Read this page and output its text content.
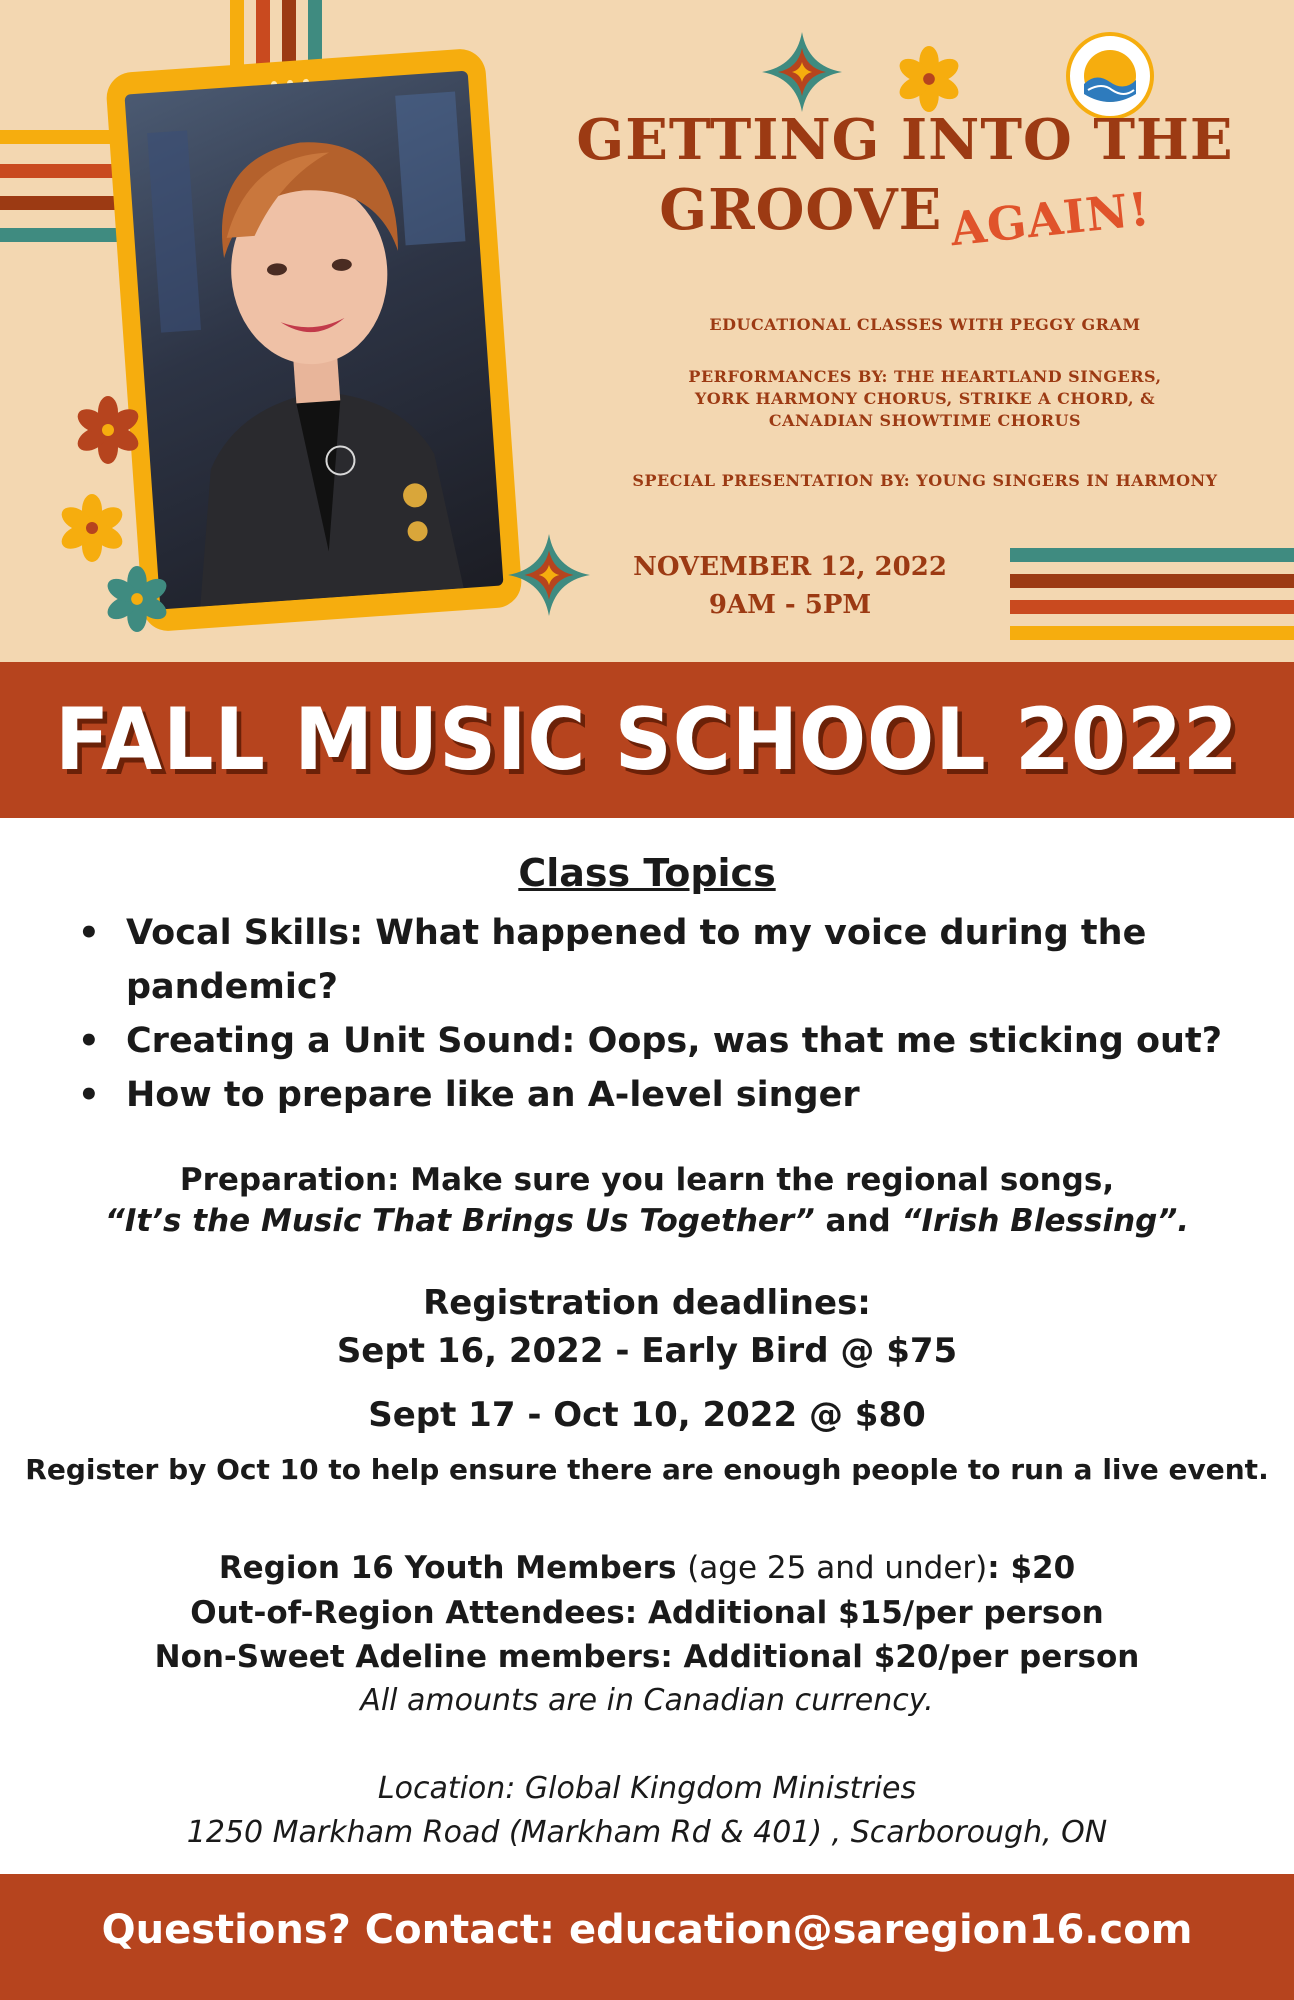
GETTING INTO THE
GROOVE AGAIN!
EDUCATIONAL CLASSES WITH PEGGY GRAM
PERFORMANCES BY: THE HEARTLAND SINGERS,
YORK HARMONY CHORUS, STRIKE A CHORD, &
CANADIAN SHOWTIME CHORUS
SPECIAL PRESENTATION BY: YOUNG SINGERS IN HARMONY
NOVEMBER 12, 2022
9AM - 5PM
FALL MUSIC SCHOOL 2022
Class Topics
• Vocal Skills: What happened to my voice during the pandemic?
• Creating a Unit Sound: Oops, was that me sticking out?
• How to prepare like an A-level singer
Preparation: Make sure you learn the regional songs,
“It’s the Music That Brings Us Together” and “Irish Blessing”.
Registration deadlines:
Sept 16, 2022 - Early Bird @ $75
Sept 17 - Oct 10, 2022 @ $80
Register by Oct 10 to help ensure there are enough people to run a live event.
Region 16 Youth Members (age 25 and under): $20
Out-of-Region Attendees: Additional $15/per person
Non-Sweet Adeline members: Additional $20/per person
All amounts are in Canadian currency.
Location: Global Kingdom Ministries
1250 Markham Road (Markham Rd & 401) , Scarborough, ON
Questions? Contact: education@saregion16.com
